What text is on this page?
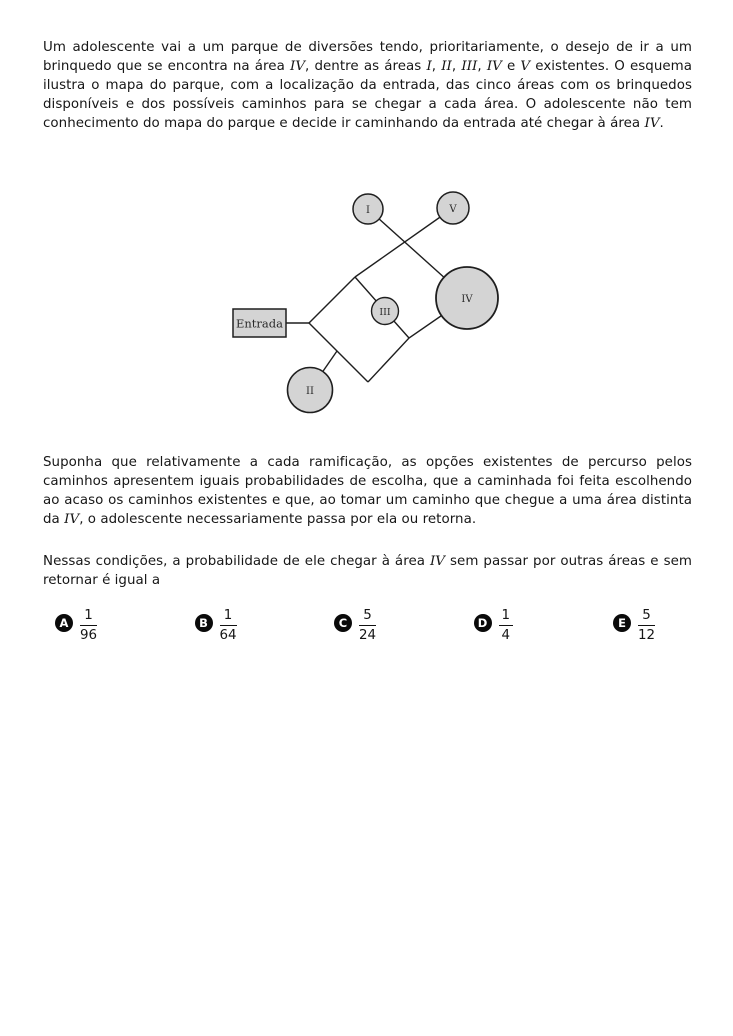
Um adolescente vai a um parque de diversões tendo, prioritariamente, o desejo de ir a um brinquedo que se encontra na área IV, dentre as áreas I, II, III, IV e V existentes. O esquema ilustra o mapa do parque, com a localização da entrada, das cinco áreas com os brinquedos disponíveis e dos possíveis caminhos para se chegar a cada área. O adolescente não tem conhecimento do mapa do parque e decide ir caminhando da entrada até chegar à área IV.
Entrada
I	V
IV
III
II
Suponha que relativamente a cada ramificação, as opções existentes de percurso pelos caminhos apresentem iguais probabilidades de escolha, que a caminhada foi feita escolhendo ao acaso os caminhos existentes e que, ao tomar um caminho que chegue a uma área distinta da IV, o adolescente necessariamente passa por ela ou retorna.
Nessas condições, a probabilidade de ele chegar à área IV sem passar por outras áreas e sem retornar é igual a
A $\frac{1}{96}$	B $\frac{1}{64}$	C $\frac{5}{24}$	D $\frac{1}{4}$	E $\frac{5}{12}$
